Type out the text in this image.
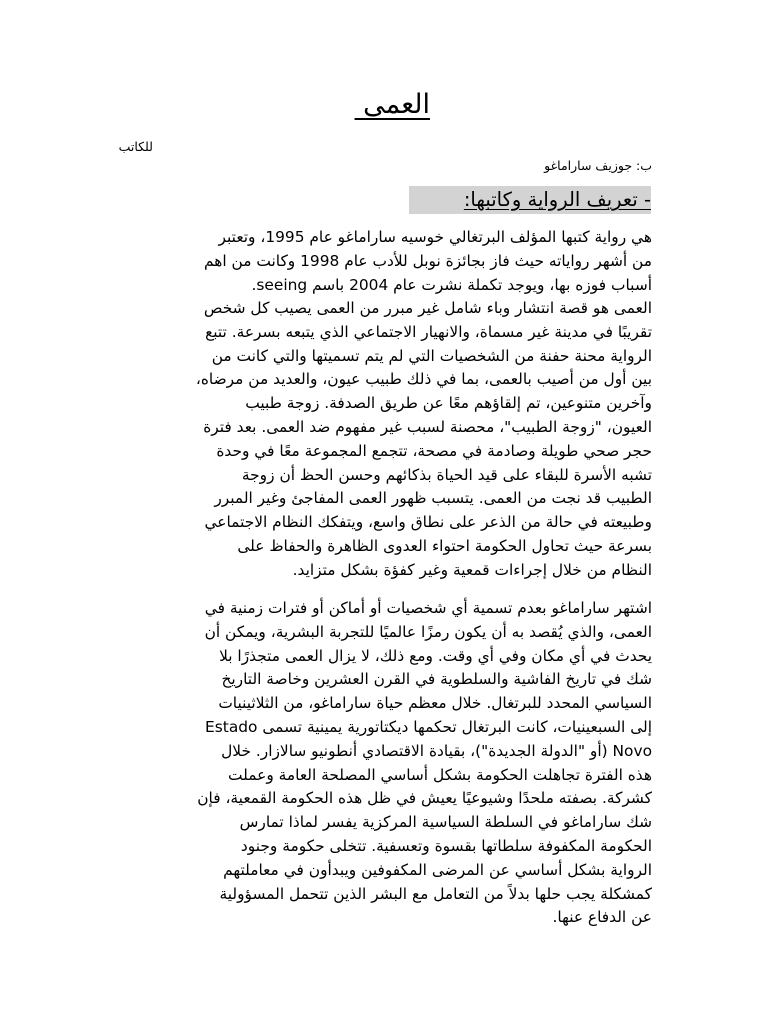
العمى
للكاتب
ب: جوزيف ساراماغو
- تعريف الرواية وكاتبها:

هي رواية كتبها المؤلف البرتغالي خوسيه ساراماغو عام 1995، وتعتبر
من أشهر رواياته حيث فاز بجائزة نوبل للأدب عام 1998 وكانت من اهم
أسباب فوزه بها، ويوجد تكملة نشرت عام 2004 باسم seeing.

العمى هو قصة انتشار وباء شامل غير مبرر من العمى يصيب كل شخص
تقريبًا في مدينة غير مسماة، والانهيار الاجتماعي الذي يتبعه بسرعة. تتبع
الرواية محنة حفنة من الشخصيات التي لم يتم تسميتها والتي كانت من
بين أول من أصيب بالعمى، بما في ذلك طبيب عيون، والعديد من مرضاه،
وآخرين متنوعين، تم إلقاؤهم معًا عن طريق الصدفة. زوجة طبيب
العيون، "زوجة الطبيب"، محصنة لسبب غير مفهوم ضد العمى. بعد فترة
حجر صحي طويلة وصادمة في مصحة، تتجمع المجموعة معًا في وحدة
تشبه الأسرة للبقاء على قيد الحياة بذكائهم وحسن الحظ أن زوجة
الطبيب قد نجت من العمى. يتسبب ظهور العمى المفاجئ وغير المبرر
وطبيعته في حالة من الذعر على نطاق واسع، ويتفكك النظام الاجتماعي
بسرعة حيث تحاول الحكومة احتواء العدوى الظاهرة والحفاظ على
النظام من خلال إجراءات قمعية وغير كفؤة بشكل متزايد.

اشتهر ساراماغو بعدم تسمية أي شخصيات أو أماكن أو فترات زمنية في
العمى، والذي يُقصد به أن يكون رمزًا عالميًا للتجربة البشرية، ويمكن أن
يحدث في أي مكان وفي أي وقت. ومع ذلك، لا يزال العمى متجذرًا بلا
شك في تاريخ الفاشية والسلطوية في القرن العشرين وخاصة التاريخ
السياسي المحدد للبرتغال. خلال معظم حياة ساراماغو، من الثلاثينيات
إلى السبعينيات، كانت البرتغال تحكمها ديكتاتورية يمينية تسمى Estado
Novo (أو "الدولة الجديدة")، بقيادة الاقتصادي أنطونيو سالازار. خلال
هذه الفترة تجاهلت الحكومة بشكل أساسي المصلحة العامة وعملت
كشركة. بصفته ملحدًا وشيوعيًا يعيش في ظل هذه الحكومة القمعية، فإن
شك ساراماغو في السلطة السياسية المركزية يفسر لماذا تمارس
الحكومة المكفوفة سلطاتها بقسوة وتعسفية. تتخلى حكومة وجنود
الرواية بشكل أساسي عن المرضى المكفوفين ويبدأون في معاملتهم
كمشكلة يجب حلها بدلاً من التعامل مع البشر الذين تتحمل المسؤولية
عن الدفاع عنها.
